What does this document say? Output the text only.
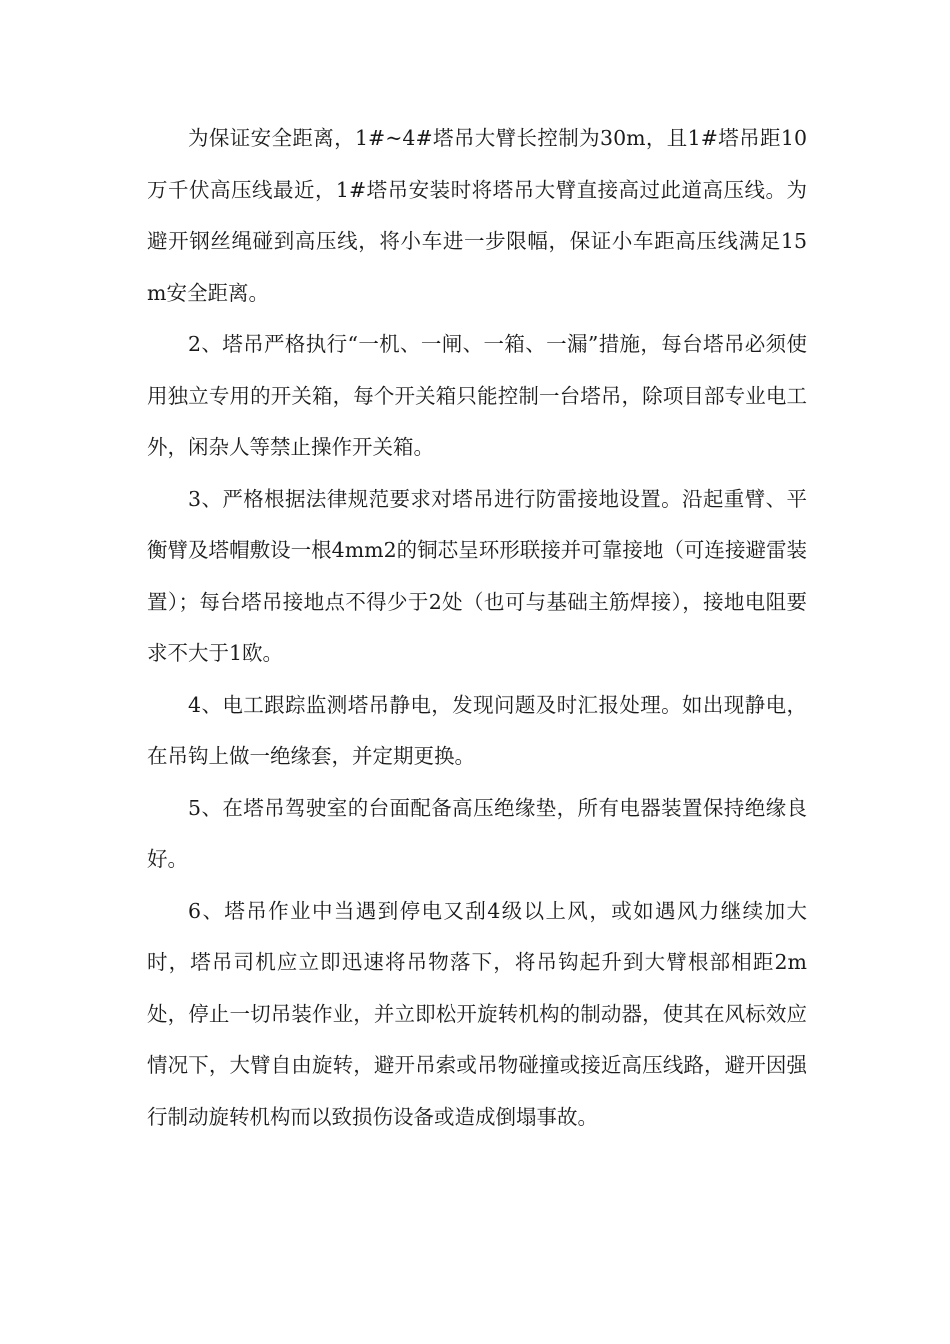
为保证安全距离，1#~4#塔吊大臂长控制为30m，且1#塔吊距10万千伏高压线最近，1#塔吊安装时将塔吊大臂直接高过此道高压线。为避开钢丝绳碰到高压线，将小车进一步限幅，保证小车距高压线满足15m安全距离。

2、塔吊严格执行“一机、一闸、一箱、一漏”措施，每台塔吊必须使用独立专用的开关箱，每个开关箱只能控制一台塔吊，除项目部专业电工外，闲杂人等禁止操作开关箱。

3、严格根据法律规范要求对塔吊进行防雷接地设置。沿起重臂、平衡臂及塔帽敷设一根4mm2的铜芯呈环形联接并可靠接地（可连接避雷装置）；每台塔吊接地点不得少于2处（也可与基础主筋焊接），接地电阻要求不大于1欧。

4、电工跟踪监测塔吊静电，发现问题及时汇报处理。如出现静电，在吊钩上做一绝缘套，并定期更换。

5、在塔吊驾驶室的台面配备高压绝缘垫，所有电器装置保持绝缘良好。

6、塔吊作业中当遇到停电又刮4级以上风，或如遇风力继续加大时，塔吊司机应立即迅速将吊物落下，将吊钩起升到大臂根部相距2m处，停止一切吊装作业，并立即松开旋转机构的制动器，使其在风标效应情况下，大臂自由旋转，避开吊索或吊物碰撞或接近高压线路，避开因强行制动旋转机构而以致损伤设备或造成倒塌事故。
